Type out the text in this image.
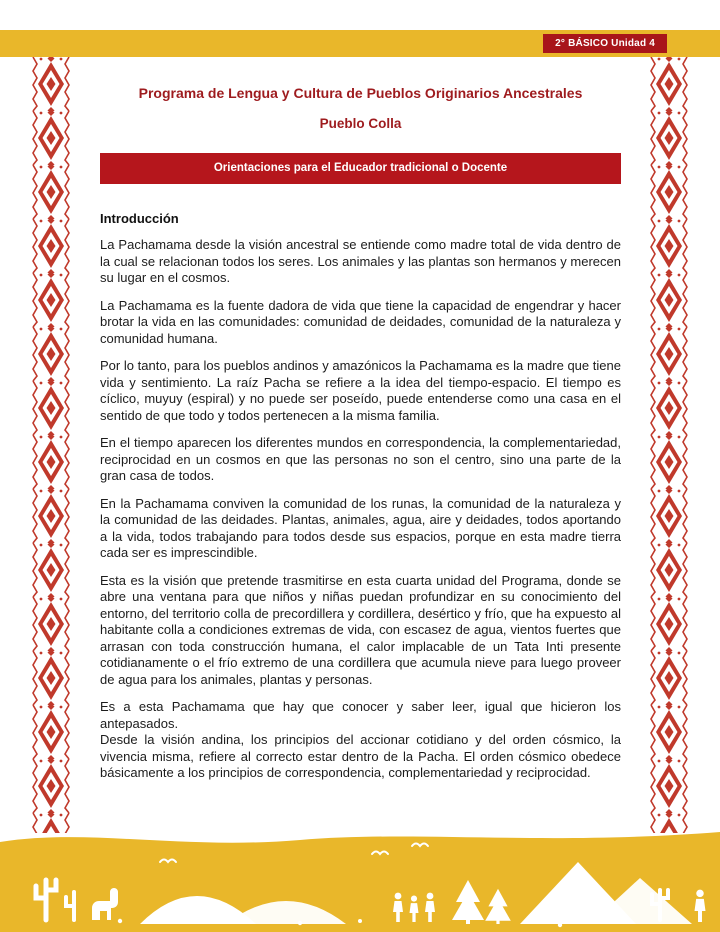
2° BÁSICO Unidad 4
Programa de Lengua y Cultura de Pueblos Originarios Ancestrales
Pueblo Colla
Orientaciones para el Educador tradicional o Docente
Introducción

La Pachamama desde la visión ancestral se entiende como madre total de vida dentro de la cual se relacionan todos los seres. Los animales y las plantas son hermanos y merecen su lugar en el cosmos.

La Pachamama es la fuente dadora de vida que tiene la capacidad de engendrar y hacer brotar la vida en las comunidades: comunidad de deidades, comunidad de la naturaleza y comunidad humana.

Por lo tanto, para los pueblos andinos y amazónicos la Pachamama es la madre que tiene vida y sentimiento. La raíz Pacha se refiere a la idea del tiempo-espacio. El tiempo es cíclico, muyuy (espiral) y no puede ser poseído, puede entenderse como una casa en el sentido de que todo y todos pertenecen a la misma familia.

En el tiempo aparecen los diferentes mundos en correspondencia, la complementariedad, reciprocidad en un cosmos en que las personas no son el centro, sino una parte de la gran casa de todos.

En la Pachamama conviven la comunidad de los runas, la comunidad de la naturaleza y la comunidad de las deidades. Plantas, animales, agua, aire y deidades, todos aportando a la vida, todos trabajando para todos desde sus espacios, porque en esta madre tierra cada ser es imprescindible.

Esta es la visión que pretende trasmitirse en esta cuarta unidad del Programa, donde se abre una ventana para que niños y niñas puedan profundizar en su conocimiento del entorno, del territorio colla de precordillera y cordillera, desértico y frío, que ha expuesto al habitante colla a condiciones extremas de vida, con escasez de agua, vientos fuertes que arrasan con toda construcción humana, el calor implacable de un Tata Inti presente cotidianamente o el frío extremo de una cordillera que acumula nieve para luego proveer de agua para los animales, plantas y personas.

Es a esta Pachamama que hay que conocer y saber leer, igual que hicieron los antepasados.

Desde la visión andina, los principios del accionar cotidiano y del orden cósmico, la vivencia misma, refiere al correcto estar dentro de la Pacha. El orden cósmico obedece básicamente a los principios de correspondencia, complementariedad y reciprocidad.
